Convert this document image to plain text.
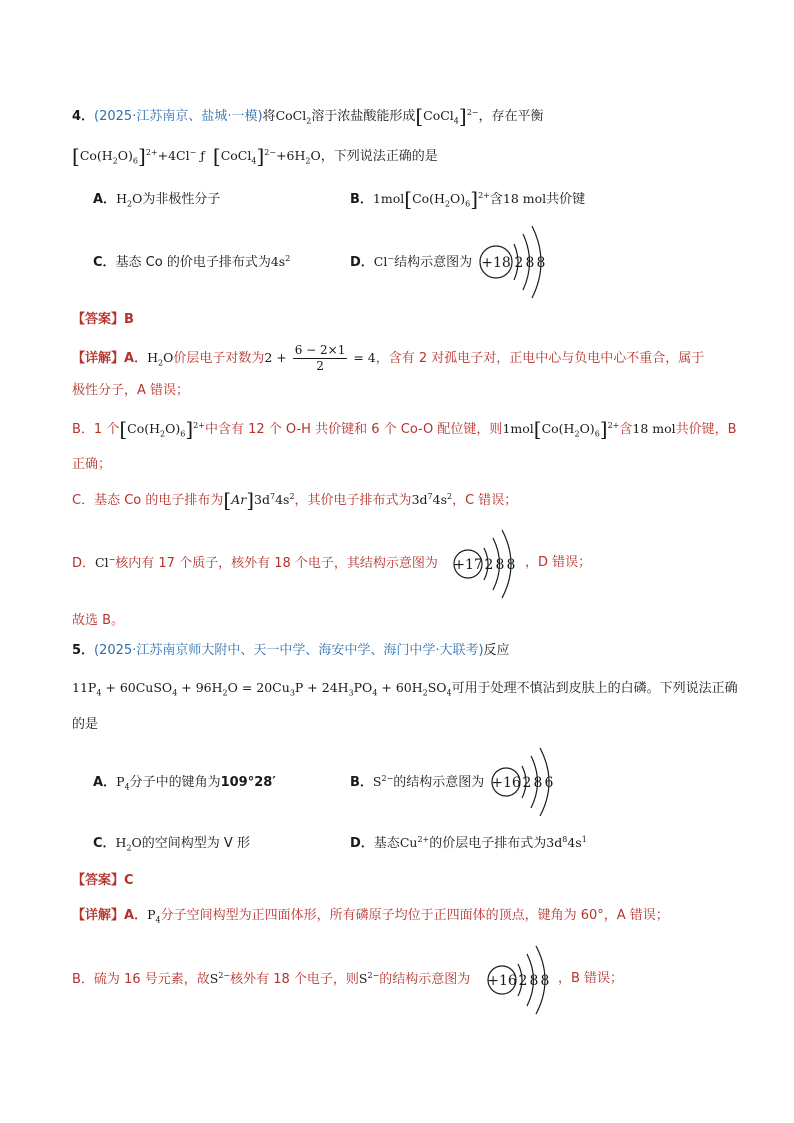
4．(2025·江苏南京、盐城·一模)将CoCl$_2$溶于浓盐酸能形成[CoCl$_4$]$^{2-}$，存在平衡
$[Co(H_2O)_6]^{2+}+4Cl^-$ ƒ $[CoCl_4]^{2-}+6H_2O$，下列说法正确的是
A．$H_2O$为非极性分子	B．$1mol[Co(H_2O)_6]^{2+}$含18 mol共价键
C．基态 Co 的价电子排布式为$4s^2$	D．Cl−结构示意图为 +18 2 8 8
【答案】B
【详解】A．$H_2O$价层电子对数为$2 + \frac{6 - 2\times 1}{2} = 4$，含有 2 对孤电子对，正电中心与负电中心不重合，属于
极性分子，A 错误；
B．1 个$[Co(H_2O)_6]^{2+}$中含有 12 个 O-H 共价键和 6 个 Co-O 配位键，则$1mol[Co(H_2O)_6]^{2+}$含18 mol共价键，B
正确；
C．基态 Co 的电子排布为$[Ar]3d^74s^2$，其价电子排布式为$3d^74s^2$，C 错误；
D．Cl−核内有 17 个质子，核外有 18 个电子，其结构示意图为 +17 2 8 8 ，D 错误；
故选 B。
5．(2025·江苏南京师大附中、天一中学、海安中学、海门中学·大联考)反应
$11P_4$ + 60CuSO$_4$ + $96H_2O = 20Cu_3P + 24H_3PO_4 + 60H_2SO_4$可用于处理不慎沾到皮肤上的白磷。下列说法正确
的是
A．$P_4$分子中的键角为109°28′	B．$S^{2-}$的结构示意图为 +16 2 8 6
C．$H_2O$的空间构型为 V 形	D．基态$Cu^{2+}$的价层电子排布式为$3d^84s^1$
【答案】C
【详解】A．$P_4$分子空间构型为正四面体形，所有磷原子均位于正四面体的顶点，键角为 60°，A 错误；
B．硫为 16 号元素，故$S^{2-}$核外有 18 个电子，则$S^{2-}$的结构示意图为 +16 2 8 8 ，B 错误；
